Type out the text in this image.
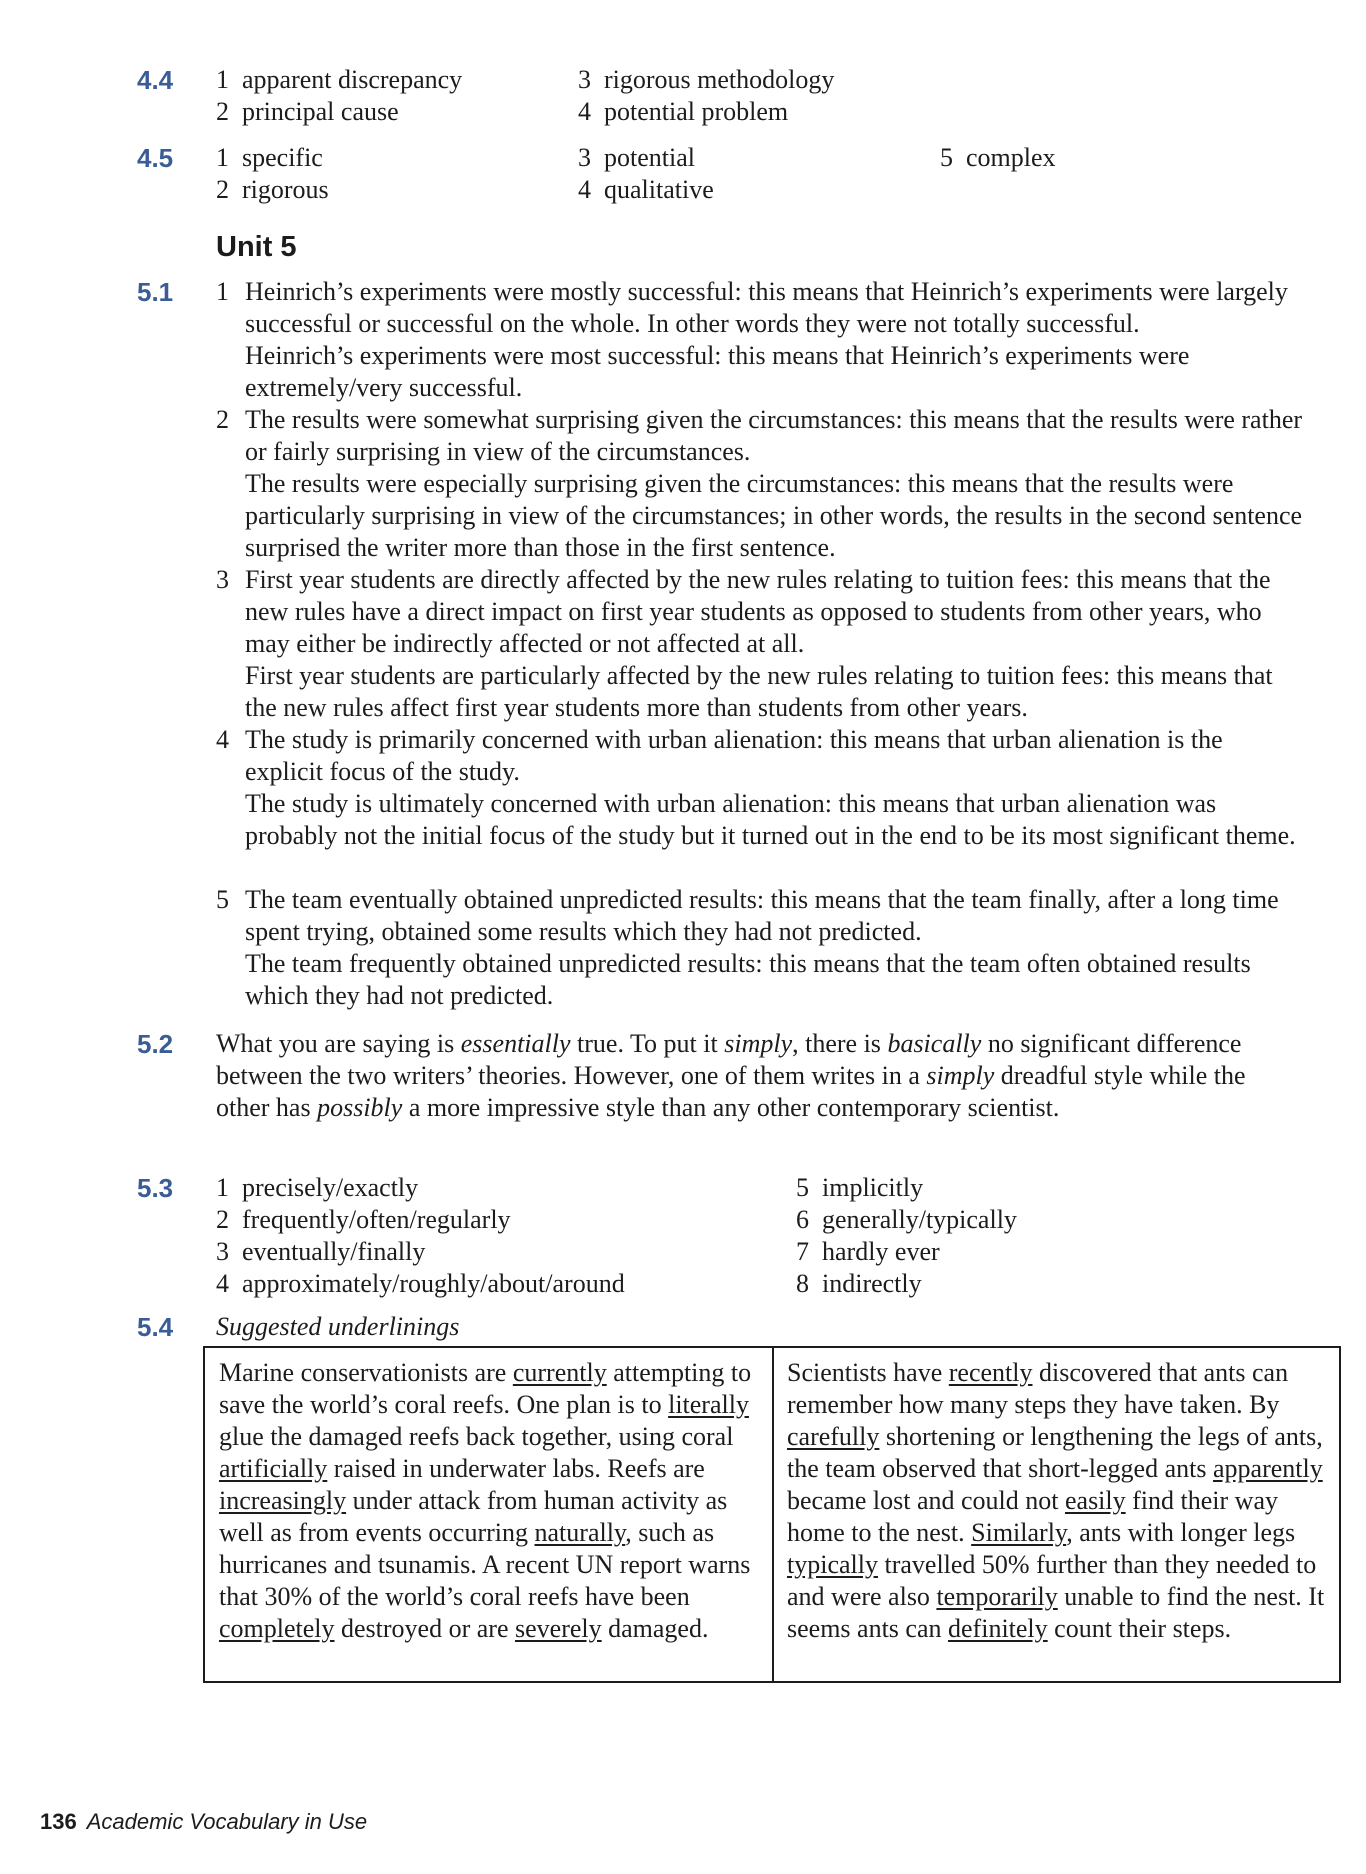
4.4	1 apparent discrepancy
2 principal cause
3 rigorous methodology
4 potential problem
4.5	1 specific
2 rigorous
3 potential
4 qualitative
5 complex
Unit 5
5.1	1 Heinrich’s experiments were mostly successful: this means that Heinrich’s experiments were largely successful or successful on the whole. In other words they were not totally successful.

Heinrich’s experiments were most successful: this means that Heinrich’s experiments were extremely/very successful.

2 The results were somewhat surprising given the circumstances: this means that the results were rather or fairly surprising in view of the circumstances.

The results were especially surprising given the circumstances: this means that the results were particularly surprising in view of the circumstances; in other words, the results in the second sentence surprised the writer more than those in the first sentence.

3 First year students are directly affected by the new rules relating to tuition fees: this means that the new rules have a direct impact on first year students as opposed to students from other years, who may either be indirectly affected or not affected at all.

First year students are particularly affected by the new rules relating to tuition fees: this means that the new rules affect first year students more than students from other years.

4 The study is primarily concerned with urban alienation: this means that urban alienation is the explicit focus of the study.

The study is ultimately concerned with urban alienation: this means that urban alienation was probably not the initial focus of the study but it turned out in the end to be its most significant theme.

5 The team eventually obtained unpredicted results: this means that the team finally, after a long time spent trying, obtained some results which they had not predicted.

The team frequently obtained unpredicted results: this means that the team often obtained results which they had not predicted.

5.2	What you are saying is essentially true. To put it simply, there is basically no significant difference between the two writers’ theories. However, one of them writes in a simply dreadful style while the other has possibly a more impressive style than any other contemporary scientist.

5.3	1 precisely/exactly
2 frequently/often/regularly
3 eventually/finally
4 approximately/roughly/about/around
5 implicitly
6 generally/typically
7 hardly ever
8 indirectly
5.4	Suggested underlinings
Marine conservationists are currently attempting to save the world’s coral reefs. One plan is to literally glue the damaged reefs back together, using coral artificially raised in underwater labs. Reefs are increasingly under attack from human activity as well as from events occurring naturally, such as hurricanes and tsunamis. A recent UN report warns that 30% of the world’s coral reefs have been completely destroyed or are severely damaged.
Scientists have recently discovered that ants can remember how many steps they have taken. By carefully shortening or lengthening the legs of ants, the team observed that short-legged ants apparently became lost and could not easily find their way home to the nest. Similarly, ants with longer legs typically travelled 50% further than they needed to and were also temporarily unable to find the nest. It seems ants can definitely count their steps.
136 Academic Vocabulary in Use
